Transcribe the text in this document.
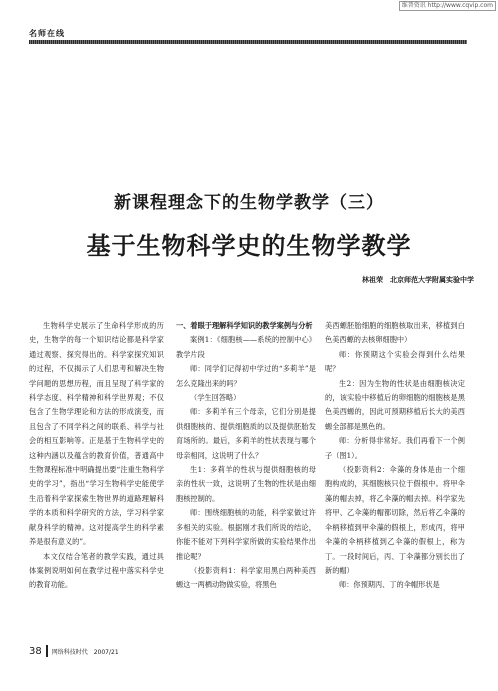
维普资讯 http://www.cqvip.com
名师在线
新课程理念下的生物学教学（三）
基于生物科学史的生物学教学
林祖荣　北京师范大学附属实验中学

生物科学史展示了生命科学形成的历史，生物学的每一个知识结论都是科学家通过观察、探究得出的。科学家探究知识的过程，不仅揭示了人们思考和解决生物学问题的思想历程，而且呈现了科学家的科学态度、科学精神和科学世界观；不仅包含了生物学理论和方法的形成演变，而且包含了不同学科之间的联系、科学与社会的相互影响等。正是基于生物科学史的这种内涵以及蕴含的教育价值，普通高中生物课程标准中明确提出要“注重生物科学史的学习”，指出“学习生物科学史能使学生沿着科学家探索生物世界的道路理解科学的本质和科学研究的方法，学习科学家献身科学的精神。这对提高学生的科学素养是很有意义的”。

本文仅结合笔者的教学实践，通过具体案例说明如何在教学过程中落实科学史的教育功能。

一、着眼于理解科学知识的教学案例与分析

案例1：《细胞核——系统的控制中心》教学片段

师：同学们记得初中学过的“多莉羊”是怎么克隆出来的吗？

（学生回答略）

师：多莉羊有三个母亲，它们分别是提供细胞核的、提供细胞质的以及提供胚胎发育场所的。最后，多莉羊的性状表现与哪个母亲相同，这说明了什么？

生1：多莉羊的性状与提供细胞核的母亲的性状一致，这说明了生物的性状是由细胞核控制的。

师：围绕细胞核的功能，科学家做过许多相关的实验。根据刚才我们所说的结论，你能不能对下列科学家所做的实验结果作出推论呢？

（投影资料1：科学家用黑白两种美西螈这一两栖动物做实验，将黑色

美西螈胚胎细胞的细胞核取出来，移植到白色美西螈的去核卵细胞中）

师：你预期这个实验会得到什么结果呢？

生2：因为生物的性状是由细胞核决定的，该实验中移植后的卵细胞的细胞核是黑色美西螈的，因此可预期移植后长大的美西螈全部都是黑色的。

师：分析得非常好。我们再看下一个例子（图1）。

（投影资料2：伞藻的身体是由一个细胞构成的，其细胞核只位于假根中。将甲伞藻的帽去掉，将乙伞藻的帽去掉。科学家先将甲、乙伞藻的帽都切除，然后将乙伞藻的伞柄移植到甲伞藻的假根上，形成丙，将甲伞藻的伞柄移植到乙伞藻的假根上，称为丁。一段时间后，丙、丁伞藻都分别长出了新的帽）

师：你预期丙、丁的伞帽形状是

38 网络科技时代　2007/21
